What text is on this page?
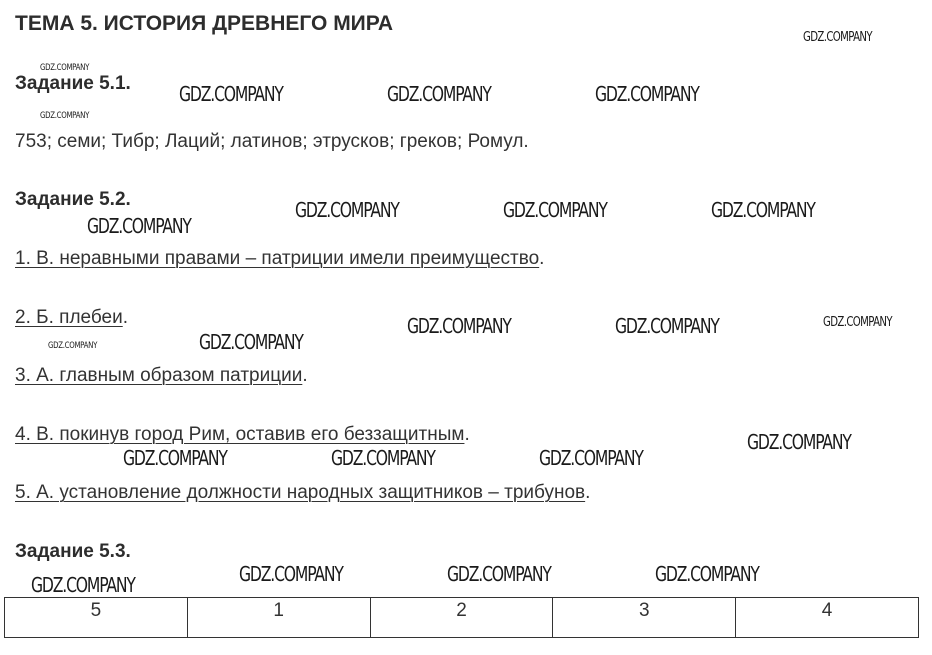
ТЕМА 5. ИСТОРИЯ ДРЕВНЕГО МИРА
Задание 5.1.
753; семи; Тибр; Лаций; латинов; этрусков; греков; Ромул.
Задание 5.2.
1. В. неравными правами – патриции имели преимущество.
2. Б. плебеи.
3. А. главным образом патриции.
4. В. покинув город Рим, оставив его беззащитным.
5. А. установление должности народных защитников – трибунов.
Задание 5.3.
5	1	2	3	4
GDZ.COMPANY
GDZ.COMPANY
GDZ.COMPANY
GDZ.COMPANY	GDZ.COMPANY	GDZ.COMPANY
GDZ.COMPANY
GDZ.COMPANY	GDZ.COMPANY	GDZ.COMPANY
GDZ.COMPANY	GDZ.COMPANY	GDZ.COMPANY
GDZ.COMPANY	GDZ.COMPANY
GDZ.COMPANY
GDZ.COMPANY	GDZ.COMPANY	GDZ.COMPANY
GDZ.COMPANY	GDZ.COMPANY	GDZ.COMPANY	GDZ.COMPANY
